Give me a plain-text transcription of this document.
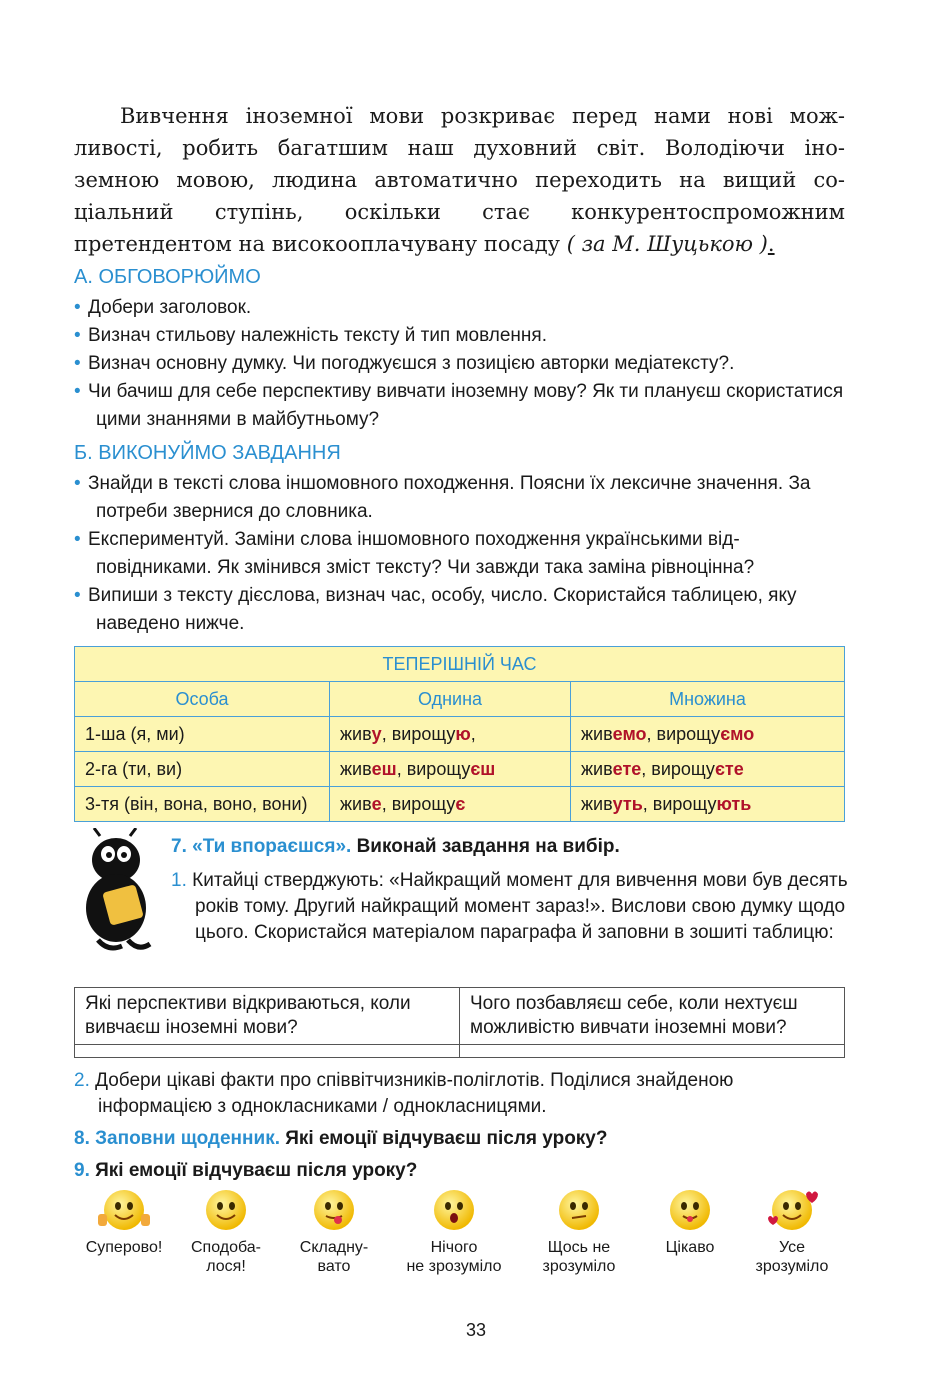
Вивчення іноземної мови розкриває перед нами нові мож- ливості, робить багатшим наш духовний світ. Володіючи іно- земною мовою, людина автоматично переходить на вищий со- ціальний ступінь, оскільки стає конкурентоспроможним претендентом на високооплачувану посаду ( за М. Шуцькою ).
А. ОБГОВОРЮЙМО
• Добери заголовок.
• Визнач стильову належність тексту й тип мовлення.
• Визнач основну думку. Чи погоджуєшся з позицією авторки медіатексту?.
• Чи бачиш для себе перспективу вивчати іноземну мову? Як ти плануєш скористатися цими знаннями в майбутньому?
Б. ВИКОНУЙМО ЗАВДАННЯ
• Знайди в тексті слова іншомовного походження. Поясни їх лексичне значення. За потреби звернися до словника.
• Експериментуй. Заміни слова іншомовного походження українськими відповідниками. Як змінився зміст тексту? Чи завжди така заміна рівноцінна?
• Випиши з тексту дієслова, визнач час, особу, число. Скористайся таблицею, яку наведено нижче.
ТЕПЕРІШНІЙ ЧАС		
Особа	Однина	Множина
1-ша (я, ми)	живу, вирощую,	живемо, вирощуємо
2-га (ти, ви)	живеш, вирощуєш	живете, вирощуєте
3-тя (він, вона, воно, вони)	живе, вирощує	живуть, вирощують
7. «Ти впораєшся». Виконай завдання на вибір.
1. Китайці стверджують: «Найкращий момент для вивчення мови був десять років тому. Другий найкращий момент зараз!». Вислови свою думку щодо цього. Скористайся матеріалом параграфа й заповни в зошиті таблицю:
Які перспективи відкриваються, коли вивчаєш іноземні мови?	Чого позбавляєш себе, коли нехтуєш можливістю вивчати іноземні мови?

2. Добери цікаві факти про співвітчизників-поліглотів. Поділися знайденою інформацією з однокласниками / однокласницями.
8. Заповни щоденник. Які емоції відчуваєш після уроку?
9. Які емоції відчуваєш після уроку?
Суперово!	Сподоба-
лося!
Складну-
вато
Нічого
не зрозуміло
Щось не
зрозуміло
Цікаво	Усе
зрозуміло
33
